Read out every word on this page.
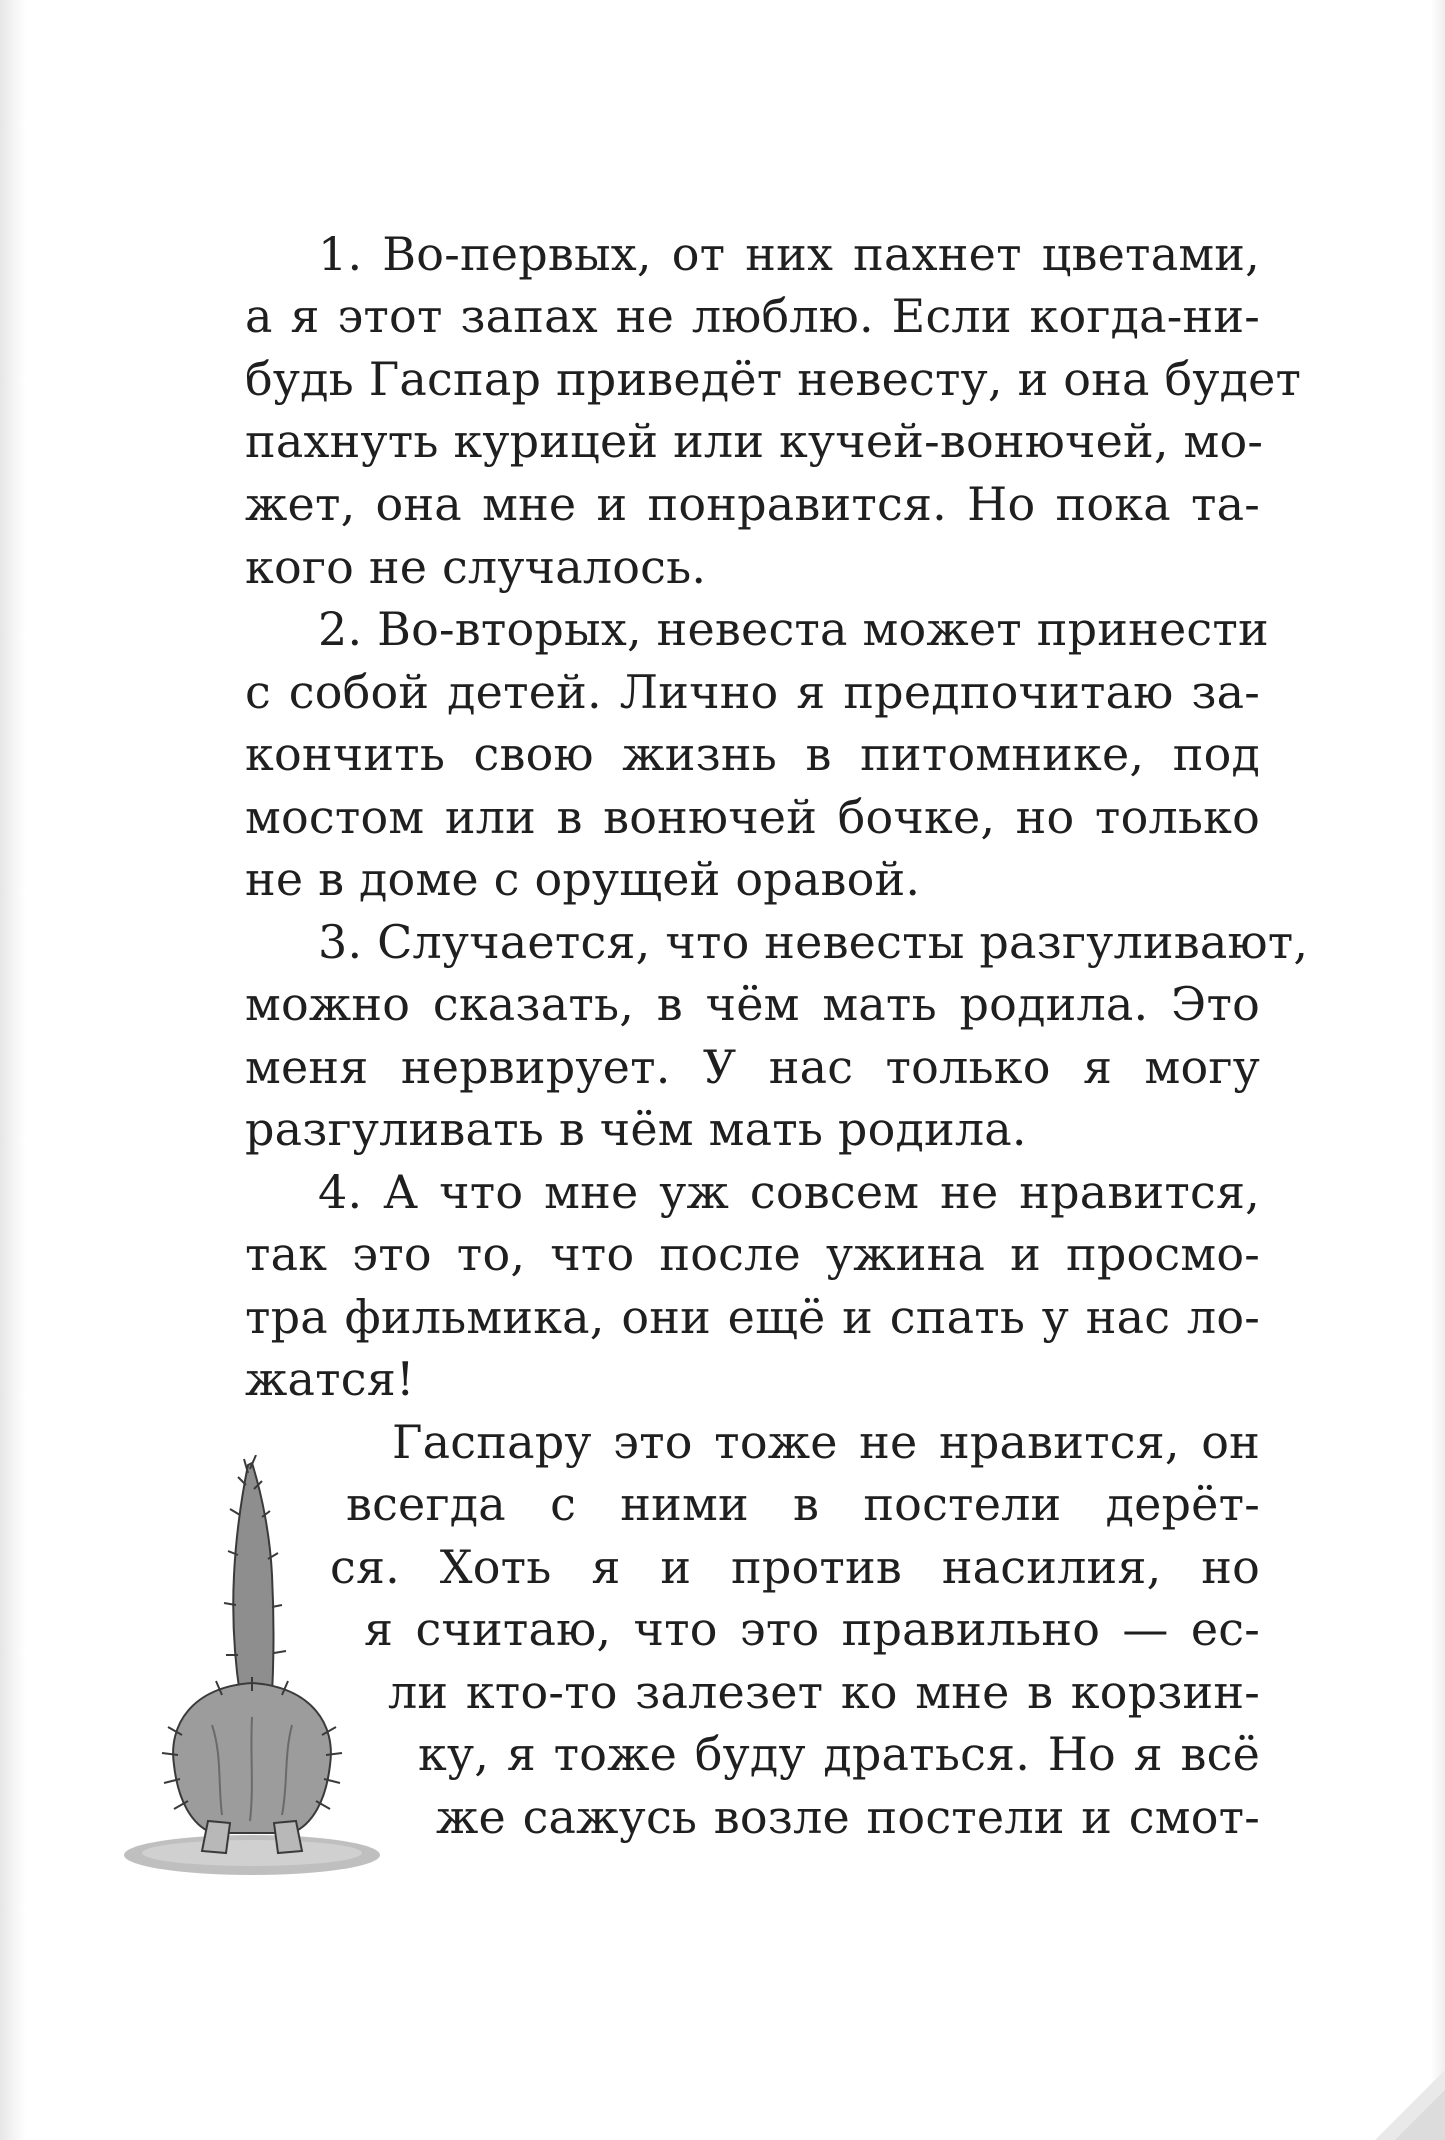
1. Во-первых, от них пахнет цветами,
а я этот запах не люблю. Если когда-ни-
будь Гаспар приведёт невесту, и она будет
пахнуть курицей или кучей-вонючей, мо-
жет, она мне и понравится. Но пока та-
кого не случалось.
2. Во-вторых, невеста может принести
с собой детей. Лично я предпочитаю за-
кончить свою жизнь в питомнике, под
мостом или в вонючей бочке, но только
не в доме с орущей оравой.
3. Случается, что невесты разгуливают,
можно сказать, в чём мать родила. Это
меня нервирует. У нас только я могу
разгуливать в чём мать родила.
4. А что мне уж совсем не нравится,
так это то, что после ужина и просмо-
тра фильмика, они ещё и спать у нас ло-
жатся!
Гаспару это тоже не нравится, он
всегда с ними в постели дерёт-
ся. Хоть я и против насилия, но
я считаю, что это правильно — ес-
ли кто-то залезет ко мне в корзин-
ку, я тоже буду драться. Но я всё
же сажусь возле постели и смот-
